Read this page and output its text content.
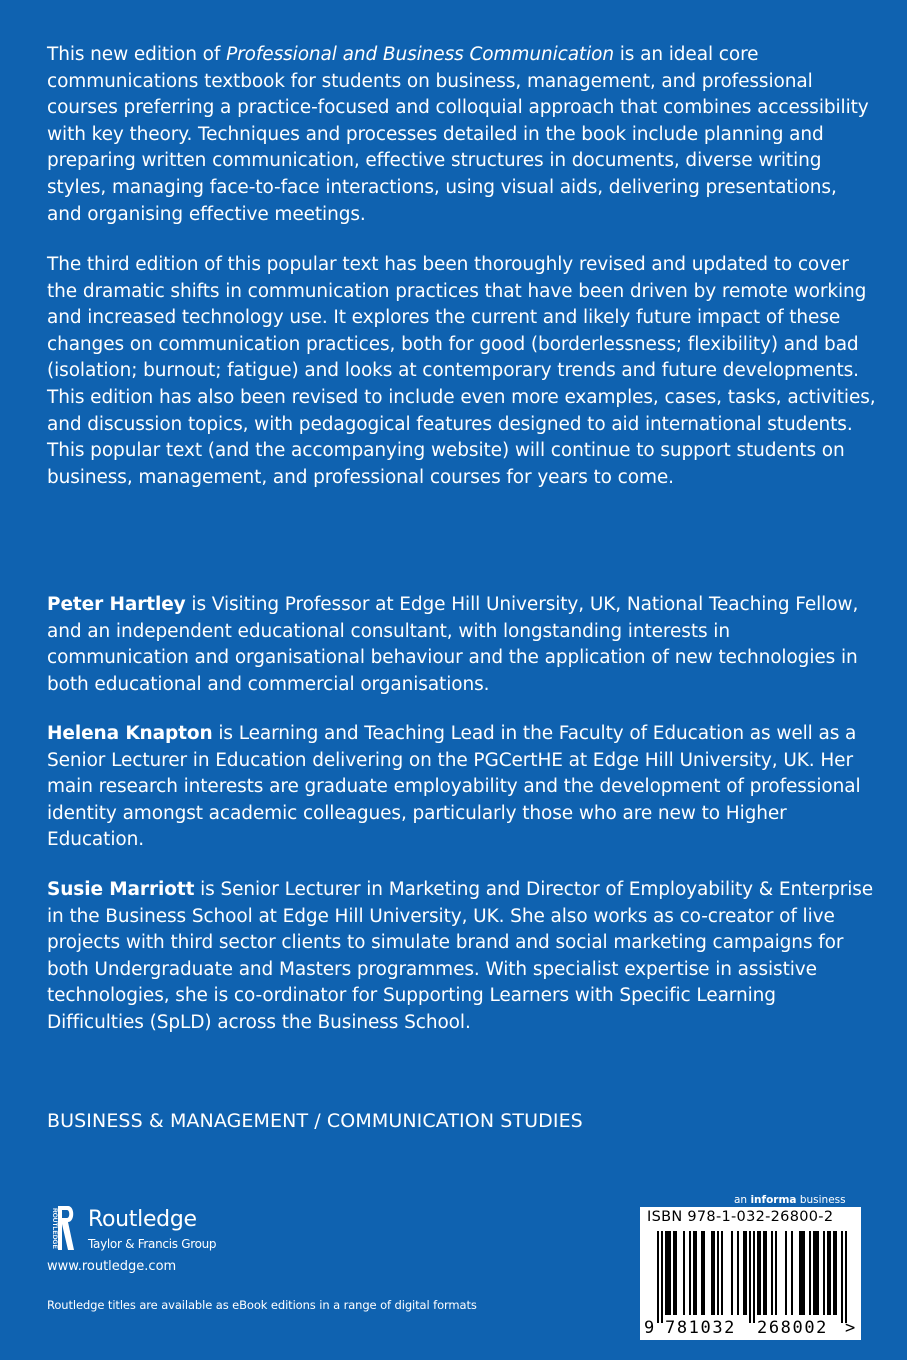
This new edition of Professional and Business Communication is an ideal core communications textbook for students on business, management, and professional courses preferring a practice-focused and colloquial approach that combines accessibility with key theory. Techniques and processes detailed in the book include planning and preparing written communication, effective structures in documents, diverse writing styles, managing face-to-face interactions, using visual aids, delivering presentations, and organising effective meetings.

The third edition of this popular text has been thoroughly revised and updated to cover the dramatic shifts in communication practices that have been driven by remote working and increased technology use. It explores the current and likely future impact of these changes on communication practices, both for good (borderlessness; flexibility) and bad (isolation; burnout; fatigue) and looks at contemporary trends and future developments. This edition has also been revised to include even more examples, cases, tasks, activities, and discussion topics, with pedagogical features designed to aid international students. This popular text (and the accompanying website) will continue to support students on business, management, and professional courses for years to come.

Peter Hartley is Visiting Professor at Edge Hill University, UK, National Teaching Fellow, and an independent educational consultant, with longstanding interests in communication and organisational behaviour and the application of new technologies in both educational and commercial organisations.

Helena Knapton is Learning and Teaching Lead in the Faculty of Education as well as a Senior Lecturer in Education delivering on the PGCertHE at Edge Hill University, UK. Her main research interests are graduate employability and the development of professional identity amongst academic colleagues, particularly those who are new to Higher Education.

Susie Marriott is Senior Lecturer in Marketing and Director of Employability & Enterprise in the Business School at Edge Hill University, UK. She also works as co-creator of live projects with third sector clients to simulate brand and social marketing campaigns for both Undergraduate and Masters programmes. With specialist expertise in assistive technologies, she is co-ordinator for Supporting Learners with Specific Learning Difficulties (SpLD) across the Business School.

BUSINESS & MANAGEMENT / COMMUNICATION STUDIES
ROUTLEDGE Routledge
Taylor & Francis Group
www.routledge.com
Routledge titles are available as eBook editions in a range of digital formats
an informa business
ISBN 978-1-032-26800-2
9 781032 268002 >
